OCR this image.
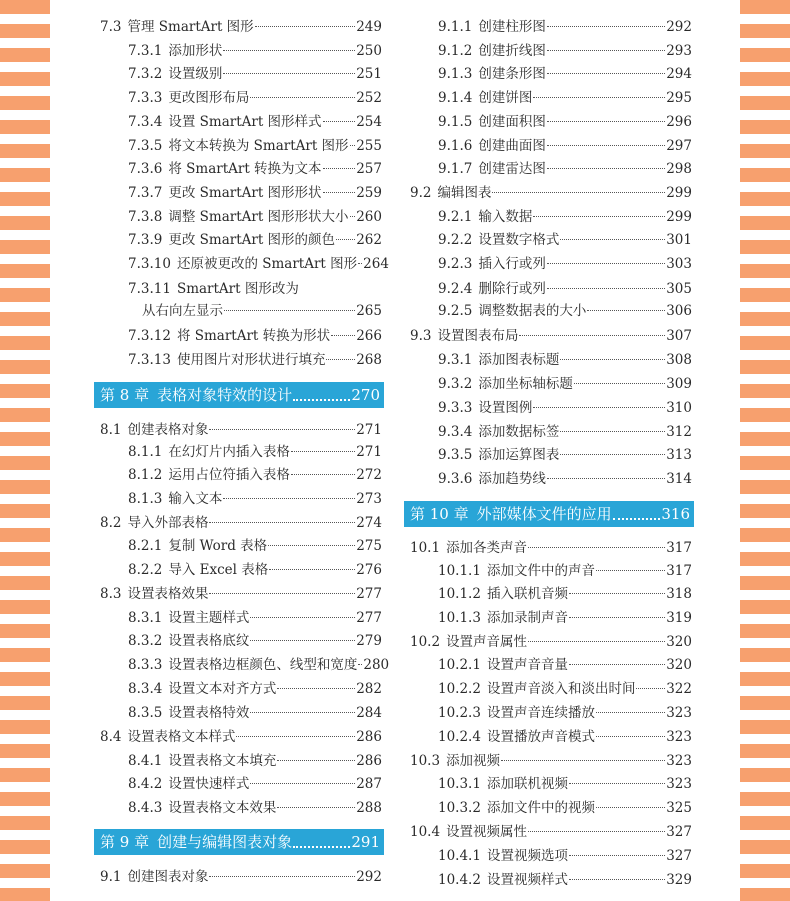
7.3 管理 SmartArt 图形	249
7.3.1 添加形状	250
7.3.2 设置级别	251
7.3.3 更改图形布局	252
7.3.4 设置 SmartArt 图形样式	254
7.3.5 将文本转换为 SmartArt 图形 255
7.3.6 将 SmartArt 转换为文本	257
7.3.7 更改 SmartArt 图形形状	259
7.3.8 调整 SmartArt 图形形状大小 260
7.3.9 更改 SmartArt 图形的颜色 262
7.3.10 还原被更改的 SmartArt 图形 264
7.3.11 SmartArt 图形改为
从右向左显示	265
7.3.12 将 SmartArt 转换为形状 266
7.3.13 使用图片对形状进行填充 268
第 8 章 表格对象特效的设计	270
8.1 创建表格对象	271
8.1.1 在幻灯片内插入表格	271
8.1.2 运用占位符插入表格	272
8.1.3 输入文本	273
8.2 导入外部表格	274
8.2.1 复制 Word 表格	275
8.2.2 导入 Excel 表格	276
8.3 设置表格效果	277
8.3.1 设置主题样式	277
8.3.2 设置表格底纹	279
8.3.3 设置表格边框颜色、线型和宽度 280
8.3.4 设置文本对齐方式	282
8.3.5 设置表格特效	284
8.4 设置表格文本样式	286
8.4.1 设置表格文本填充	286
8.4.2 设置快速样式	287
8.4.3 设置表格文本效果	288
第 9 章 创建与编辑图表对象	291
9.1 创建图表对象	292
9.1.1 创建柱形图	292
9.1.2 创建折线图	293
9.1.3 创建条形图	294
9.1.4 创建饼图	295
9.1.5 创建面积图	296
9.1.6 创建曲面图	297
9.1.7 创建雷达图	298
9.2 编辑图表	299
9.2.1 输入数据	299
9.2.2 设置数字格式	301
9.2.3 插入行或列	303
9.2.4 删除行或列	305
9.2.5 调整数据表的大小	306
9.3 设置图表布局	307
9.3.1 添加图表标题	308
9.3.2 添加坐标轴标题	309
9.3.3 设置图例	310
9.3.4 添加数据标签	312
9.3.5 添加运算图表	313
9.3.6 添加趋势线	314
第 10 章 外部媒体文件的应用	316
10.1 添加各类声音	317
10.1.1 添加文件中的声音	317
10.1.2 插入联机音频	318
10.1.3 添加录制声音	319
10.2 设置声音属性	320
10.2.1 设置声音音量	320
10.2.2 设置声音淡入和淡出时间 322
10.2.3 设置声音连续播放	323
10.2.4 设置播放声音模式	323
10.3 添加视频	323
10.3.1 添加联机视频	323
10.3.2 添加文件中的视频	325
10.4 设置视频属性	327
10.4.1 设置视频选项	327
10.4.2 设置视频样式	329
